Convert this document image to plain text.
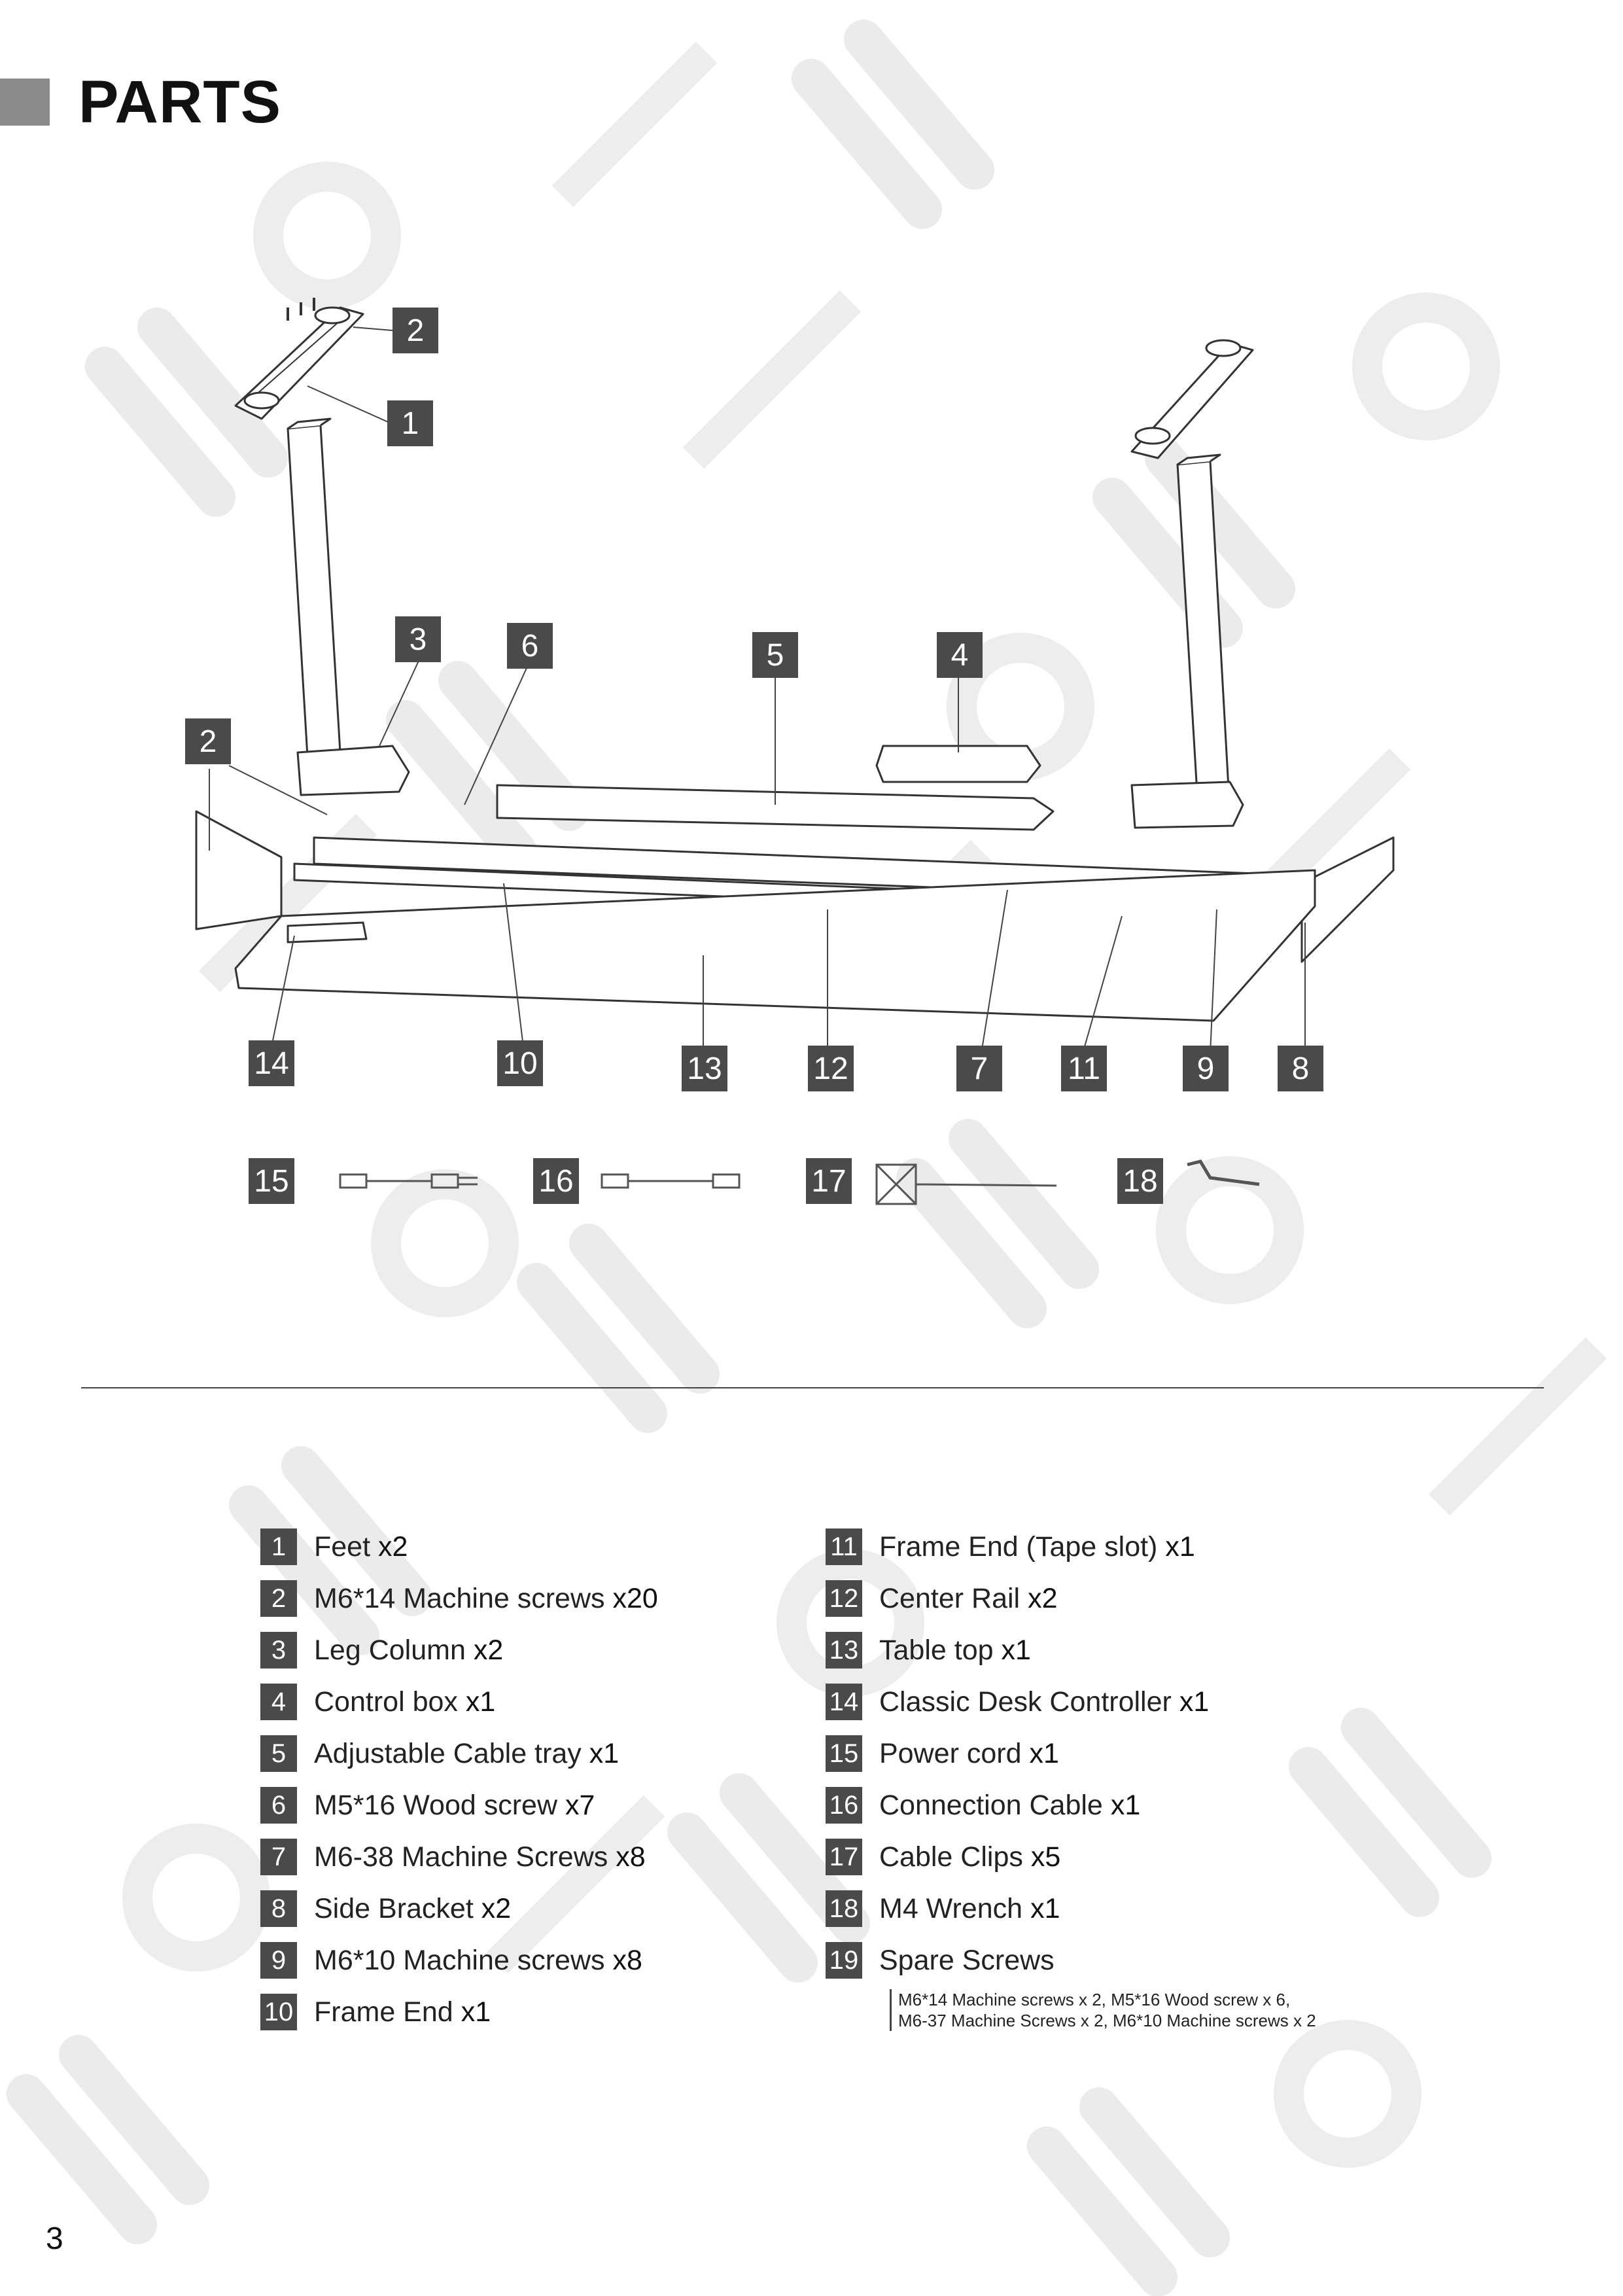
PARTS
2
1
3	6	5	4
2
14	10	13	12	7	11	9	8
15	16	17	18
1 Feet x2
2 M6*14 Machine screws x20
3 Leg Column x2
4 Control box x1
5 Adjustable Cable tray x1
6 M5*16 Wood screw x7
7 M6-38 Machine Screws x8
8 Side Bracket x2
9 M6*10 Machine screws x8
10 Frame End x1
11 Frame End (Tape slot) x1
12 Center Rail x2
13 Table top x1
14 Classic Desk Controller x1
15 Power cord x1
16 Connection Cable x1
17 Cable Clips x5
18 M4 Wrench x1
19 Spare Screws
M6*14 Machine screws x 2, M5*16 Wood screw x 6,
M6-37 Machine Screws x 2, M6*10 Machine screws x 2
3
